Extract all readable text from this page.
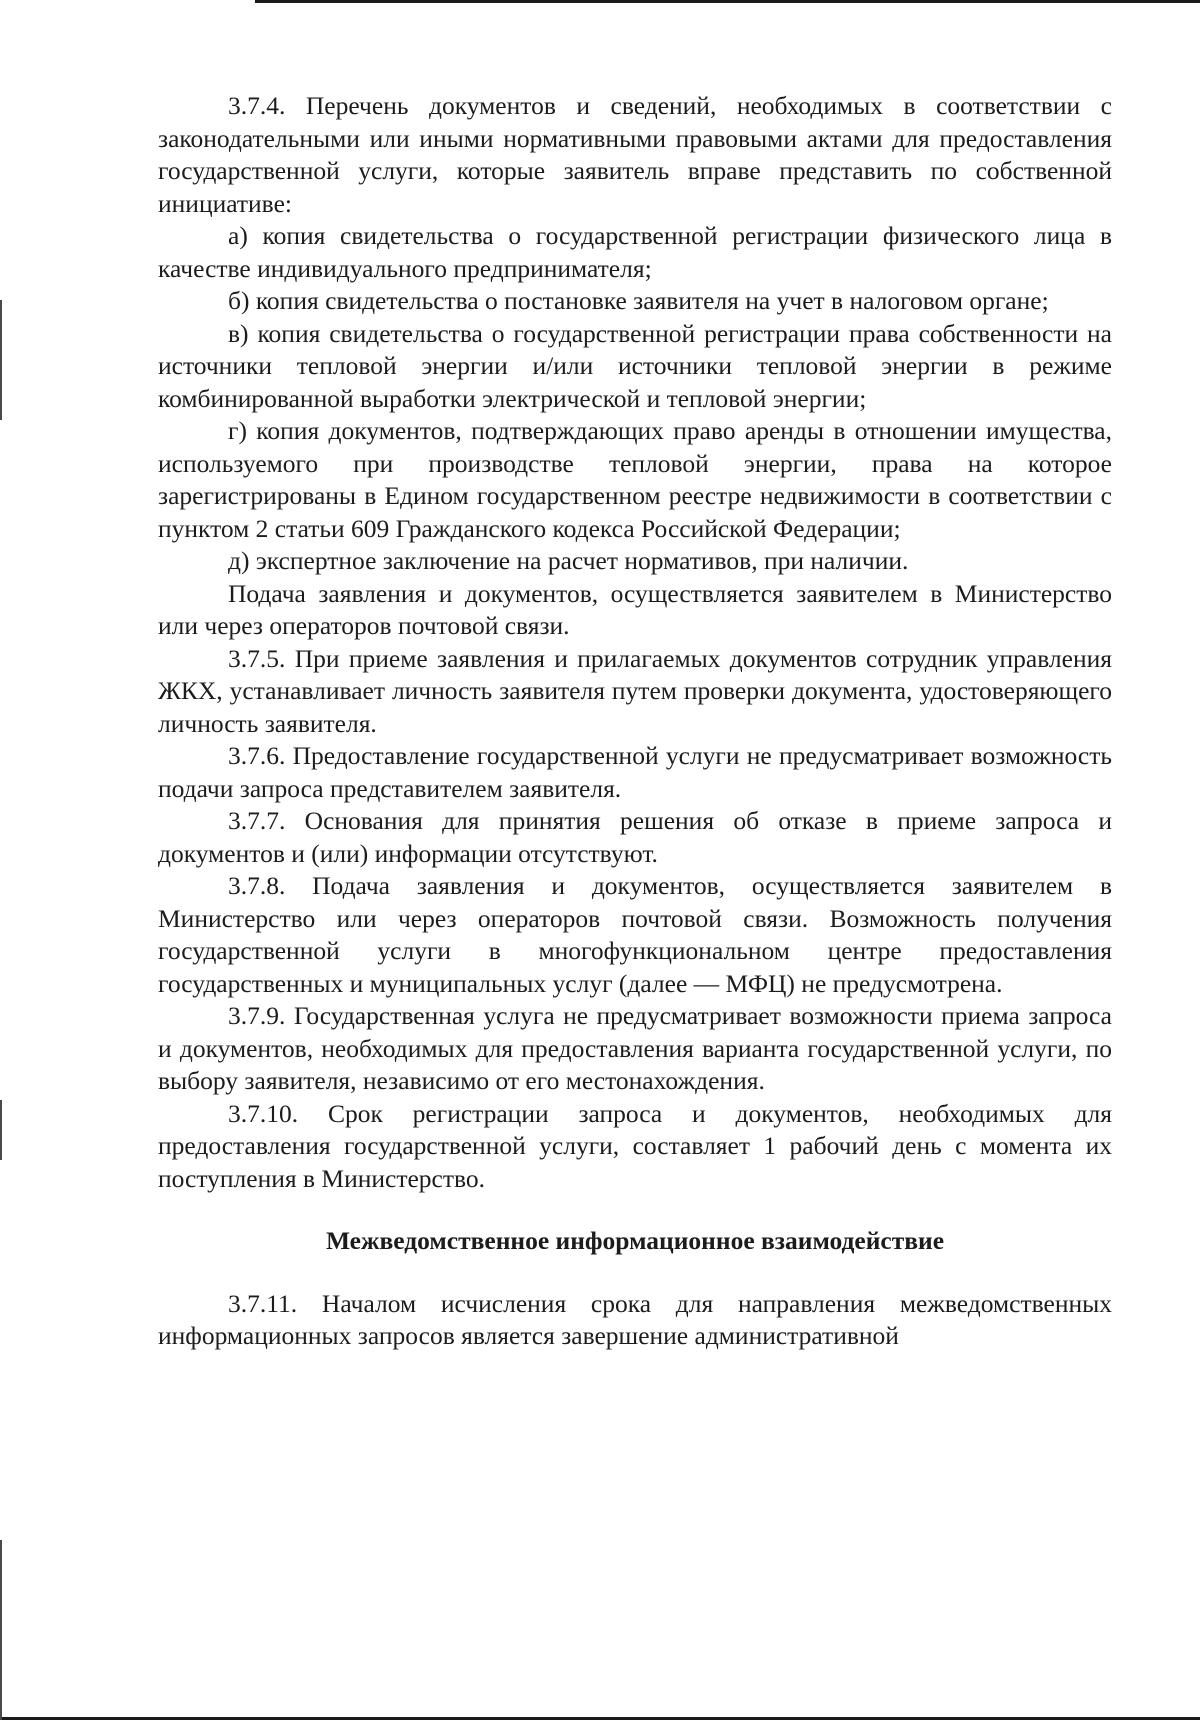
3.7.4. Перечень документов и сведений, необходимых в соответствии с законодательными или иными нормативными правовыми актами для предоставления государственной услуги, которые заявитель вправе представить по собственной инициативе:

а) копия свидетельства о государственной регистрации физического лица в качестве индивидуального предпринимателя;

б) копия свидетельства о постановке заявителя на учет в налоговом органе;

в) копия свидетельства о государственной регистрации права собственности на источники тепловой энергии и/или источники тепловой энергии в режиме комбинированной выработки электрической и тепловой энергии;

г) копия документов, подтверждающих право аренды в отношении имущества, используемого при производстве тепловой энергии, права на которое зарегистрированы в Едином государственном реестре недвижимости в соответствии с пунктом 2 статьи 609 Гражданского кодекса Российской Федерации;

д) экспертное заключение на расчет нормативов, при наличии.

Подача заявления и документов, осуществляется заявителем в Министерство или через операторов почтовой связи.

3.7.5. При приеме заявления и прилагаемых документов сотрудник управления ЖКХ, устанавливает личность заявителя путем проверки документа, удостоверяющего личность заявителя.

3.7.6. Предоставление государственной услуги не предусматривает возможность подачи запроса представителем заявителя.

3.7.7. Основания для принятия решения об отказе в приеме запроса и документов и (или) информации отсутствуют.

3.7.8. Подача заявления и документов, осуществляется заявителем в Министерство или через операторов почтовой связи. Возможность получения государственной услуги в многофункциональном центре предоставления государственных и муниципальных услуг (далее — МФЦ) не предусмотрена.

3.7.9. Государственная услуга не предусматривает возможности приема запроса и документов, необходимых для предоставления варианта государственной услуги, по выбору заявителя, независимо от его местонахождения.

3.7.10. Срок регистрации запроса и документов, необходимых для предоставления государственной услуги, составляет 1 рабочий день с момента их поступления в Министерство.

Межведомственное информационное взаимодействие

3.7.11. Началом исчисления срока для направления межведомственных информационных запросов является завершение административной
